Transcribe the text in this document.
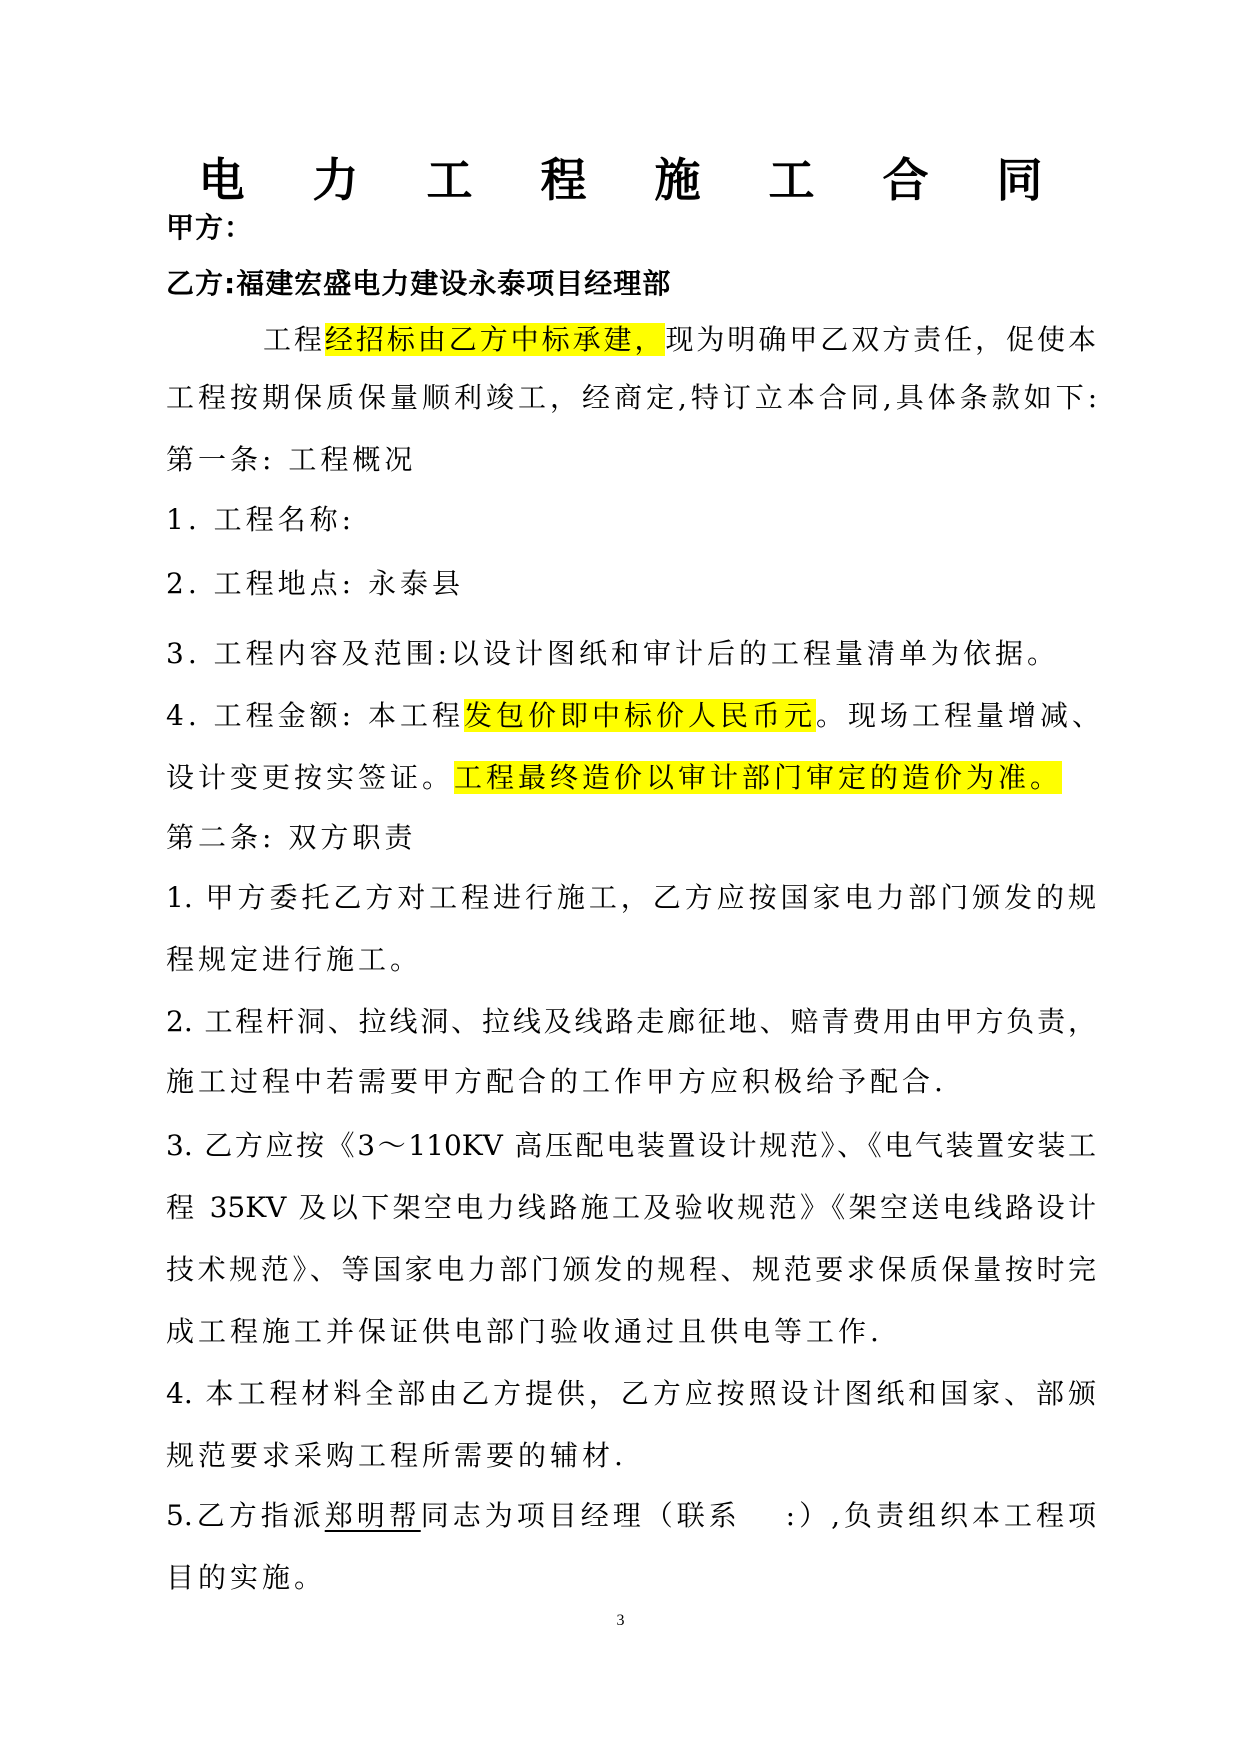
电 力 工 程 施 工 合 同
甲方：
乙方:福建宏盛电力建设永泰项目经理部
工程经招标由乙方中标承建，现为明确甲乙双方责任，促使本
工程按期保质保量顺利竣工，经商定,特订立本合同,具体条款如下:
第一条: 工程概况
1. 工程名称:
2. 工程地点: 永泰县
3. 工程内容及范围:以设计图纸和审计后的工程量清单为依据。
4. 工程金额: 本工程发包价即中标价人民币元。现场工程量增减、
设计变更按实签证。工程最终造价以审计部门审定的造价为准。
第二条: 双方职责
1. 甲方委托乙方对工程进行施工，乙方应按国家电力部门颁发的规
程规定进行施工。
2. 工程杆洞、拉线洞、拉线及线路走廊征地、赔青费用由甲方负责，
施工过程中若需要甲方配合的工作甲方应积极给予配合.
3. 乙方应按《3～110KV 高压配电装置设计规范》、《电气装置安装工
程 35KV 及以下架空电力线路施工及验收规范》《架空送电线路设计
技术规范》、等国家电力部门颁发的规程、规范要求保质保量按时完
成工程施工并保证供电部门验收通过且供电等工作.
4. 本工程材料全部由乙方提供，乙方应按照设计图纸和国家、部颁
规范要求采购工程所需要的辅材.
5.乙方指派郑明帮同志为项目经理（联系　 :）,负责组织本工程项
目的实施。
3
